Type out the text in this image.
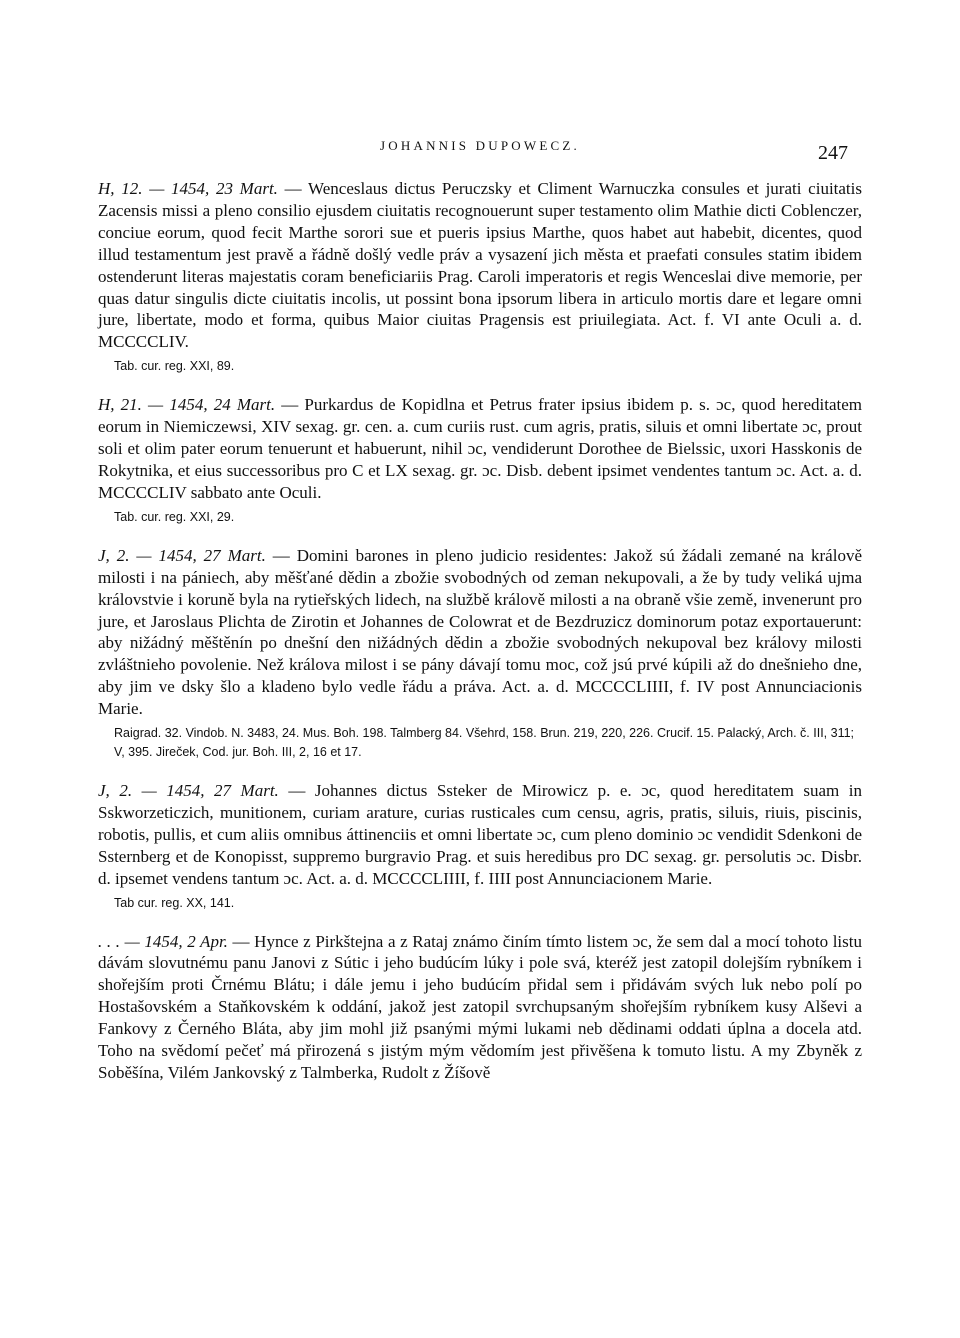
JOHANNIS DUPOWECZ.	247

H, 12. — 1454, 23 Mart. — Wenceslaus dictus Peruczsky et Climent Warnuczka consules et jurati ciuitatis Zacensis missi a pleno consilio ejusdem ciuitatis recognouerunt super testamento olim Mathie dicti Coblenczer, conciue eorum, quod fecit Marthe sorori sue et pueris ipsius Marthe, quos habet aut habebit, dicentes, quod illud testamentum jest pravě a řádně došlý vedle práv a vysazení jich města et praefati consules statim ibidem ostenderunt literas majestatis coram beneficiariis Prag. Caroli imperatoris et regis Wenceslai dive memorie, per quas datur singulis dicte ciuitatis incolis, ut possint bona ipsorum libera in articulo mortis dare et legare omni jure, libertate, modo et forma, quibus Maior ciuitas Pragensis est priuilegiata. Act. f. VI ante Oculi a. d. MCCCCLIV.

Tab. cur. reg. XXI, 89.

H, 21. — 1454, 24 Mart. — Purkardus de Kopidlna et Petrus frater ipsius ibidem p. s. ɔc, quod hereditatem eorum in Niemiczewsi, XIV sexag. gr. cen. a. cum curiis rust. cum agris, pratis, siluis et omni libertate ɔc, prout soli et olim pater eorum tenuerunt et habuerunt, nihil ɔc, vendiderunt Dorothee de Bielssic, uxori Hasskonis de Rokytnika, et eius successoribus pro C et LX sexag. gr. ɔc. Disb. debent ipsimet vendentes tantum ɔc. Act. a. d. MCCCCLIV sabbato ante Oculi.

Tab. cur. reg. XXI, 29.

J, 2. — 1454, 27 Mart. — Domini barones in pleno judicio residentes: Jakož sú žádali zemané na králově milosti i na pániech, aby měšťané dědin a zbožie svobodných od zeman nekupovali, a že by tudy veliká ujma královstvie i koruně byla na rytieřských lidech, na službě králově milosti a na obraně všie země, invenerunt pro jure, et Jaroslaus Plichta de Zirotin et Johannes de Colowrat et de Bezdruzicz dominorum potaz exportauerunt: aby nižádný měštěnín po dnešní den nižádných dědin a zbožie svobodných nekupoval bez královy milosti zvláštnieho povolenie. Než králova milost i se pány dávají tomu moc, což jsú prvé kúpili až do dnešnieho dne, aby jim ve dsky šlo a kladeno bylo vedle řádu a práva. Act. a. d. MCCCCLIIII, f. IV post Annunciacionis Marie.

Raigrad. 32. Vindob. N. 3483, 24. Mus. Boh. 198. Talmberg 84. Všehrd, 158. Brun. 219, 220, 226. Crucif. 15. Palacký, Arch. č. III, 311; V, 395. Jireček, Cod. jur. Boh. III, 2, 16 et 17.

J, 2. — 1454, 27 Mart. — Johannes dictus Ssteker de Mirowicz p. e. ɔc, quod hereditatem suam in Sskworzeticzich, munitionem, curiam arature, curias rusticales cum censu, agris, pratis, siluis, riuis, piscinis, robotis, pullis, et cum aliis omnibus áttinenciis et omni libertate ɔc, cum pleno dominio ɔc vendidit Sdenkoni de Ssternberg et de Konopisst, suppremo burgravio Prag. et suis heredibus pro DC sexag. gr. persolutis ɔc. Disbr. d. ipsemet vendens tantum ɔc. Act. a. d. MCCCCLIIII, f. IIII post Annunciacionem Marie.

Tab cur. reg. XX, 141.

. . . — 1454, 2 Apr. — Hynce z Pirkštejna a z Rataj známo činím tímto listem ɔc, že sem dal a mocí tohoto listu dávám slovutnému panu Janovi z Sútic i jeho budúcím lúky i pole svá, kteréž jest zatopil dolejším rybníkem i shořejším proti Črnému Blátu; i dále jemu i jeho budúcím přidal sem i přidávám svých luk nebo polí po Hostašovském a Staňkovském k oddání, jakož jest zatopil svrchupsaným shořejším rybníkem kusy Alševi a Fankovy z Černého Bláta, aby jim mohl již psanými mými lukami neb dědinami oddati úplna a docela atd. Toho na svědomí pečeť má přirozená s jistým mým vědomím jest přivěšena k tomuto listu. A my Zbyněk z Soběšína, Vilém Jankovský z Talmberka, Rudolt z Žíšově
